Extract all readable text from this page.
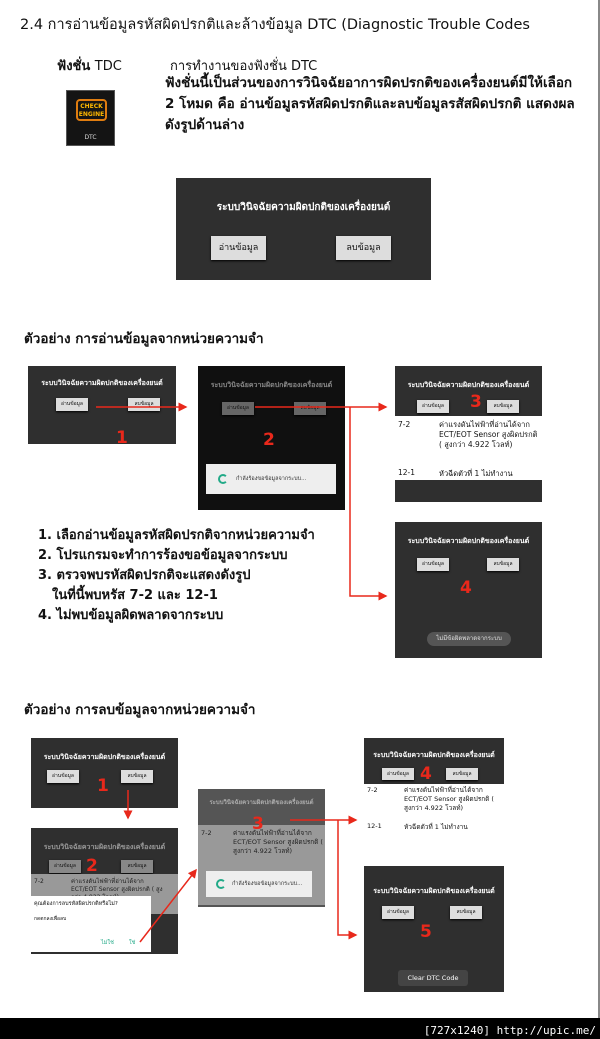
2.4 การอ่านข้อมูลรหัสผิดปรกติและล้างข้อมูล DTC (Diagnostic Trouble Codes
ฟังชั่น TDC	การทำงานของฟังชั่น DTC
ฟังชั่นนี้เป็นส่วนของการวินิจฉัยอาการผิดปรกติของเครื่องยนต์มีให้เลือก 2 โหมด คือ อ่านข้อมูลรหัสผิดปรกติและลบข้อมูลรสัสผิดปรกติ แสดงผลดังรูปด้านล่าง
CHECK
ENGINE
DTC
ระบบวินิจฉัยความผิดปกติของเครื่องยนต์
อ่านข้อมูล	ลบข้อมูล
ตัวอย่าง การอ่านข้อมูลจากหน่วยความจำ
ระบบวินิจฉัยความผิดปกติของเครื่องยนต์
อ่านข้อมูล	ลบข้อมูล
1
ระบบวินิจฉัยความผิดปกติของเครื่องยนต์
อ่านข้อมูล	ลบข้อมูล
กำลังร้องขอข้อมูลจากระบบ...
2
ระบบวินิจฉัยความผิดปกติของเครื่องยนต์
อ่านข้อมูล	ลบข้อมูล
7-2	ค่าแรงดันไฟฟ้าที่อ่านได้จาก ECT/EOT Sensor สูงผิดปรกติ ( สูงกว่า 4.922 โวลท์)
12-1	หัวฉีดตัวที่ 1 ไม่ทำงาน
3
ระบบวินิจฉัยความผิดปกติของเครื่องยนต์
อ่านข้อมูล	ลบข้อมูล
ไม่มีข้อผิดพลาดจากระบบ
4
1. เลือกอ่านข้อมูลรหัสผิดปรกติจากหน่วยความจำ
2. โปรแกรมจะทำการร้องขอข้อมูลจากระบบ
3. ตรวจพบรหัสผิดปรกติจะแสดงดังรูป
ในที่นี้พบหรัส 7-2 และ 12-1
4. ไม่พบข้อมูลผิดพลาดจากระบบ
ตัวอย่าง การลบข้อมูลจากหน่วยความจำ
ระบบวินิจฉัยความผิดปกติของเครื่องยนต์
อ่านข้อมูล	ลบข้อมูล
1
ระบบวินิจฉัยความผิดปกติของเครื่องยนต์
อ่านข้อมูล	ลบข้อมูล
7-2	ค่าแรงดันไฟฟ้าที่อ่านได้จาก ECT/EOT Sensor สูงผิดปรกติ ( สูง
คุณต้องการลบรหัสผิดปรกติหรือไม่?
กดตกลงเพื่อลบ
ไม่ใช่	ใช่
2
ระบบวินิจฉัยความผิดปกติของเครื่องยนต์
7-2	ค่าแรงดันไฟฟ้าที่อ่านได้จาก ECT/EOT Sensor สูงผิดปรกติ ( สูงกว่า 4.922 โวลท์)
กำลังร้องขอข้อมูลจากระบบ...
3
ระบบวินิจฉัยความผิดปกติของเครื่องยนต์
อ่านข้อมูล	ลบข้อมูล
7-2	ค่าแรงดันไฟฟ้าที่อ่านได้จาก ECT/EOT Sensor สูงผิดปรกติ ( สูงกว่า 4.922 โวลท์)
12-1	หัวฉีดตัวที่ 1 ไม่ทำงาน
4
ระบบวินิจฉัยความผิดปกติของเครื่องยนต์
อ่านข้อมูล	ลบข้อมูล
Clear DTC Code
5
[727x1240] http://upic.me/
